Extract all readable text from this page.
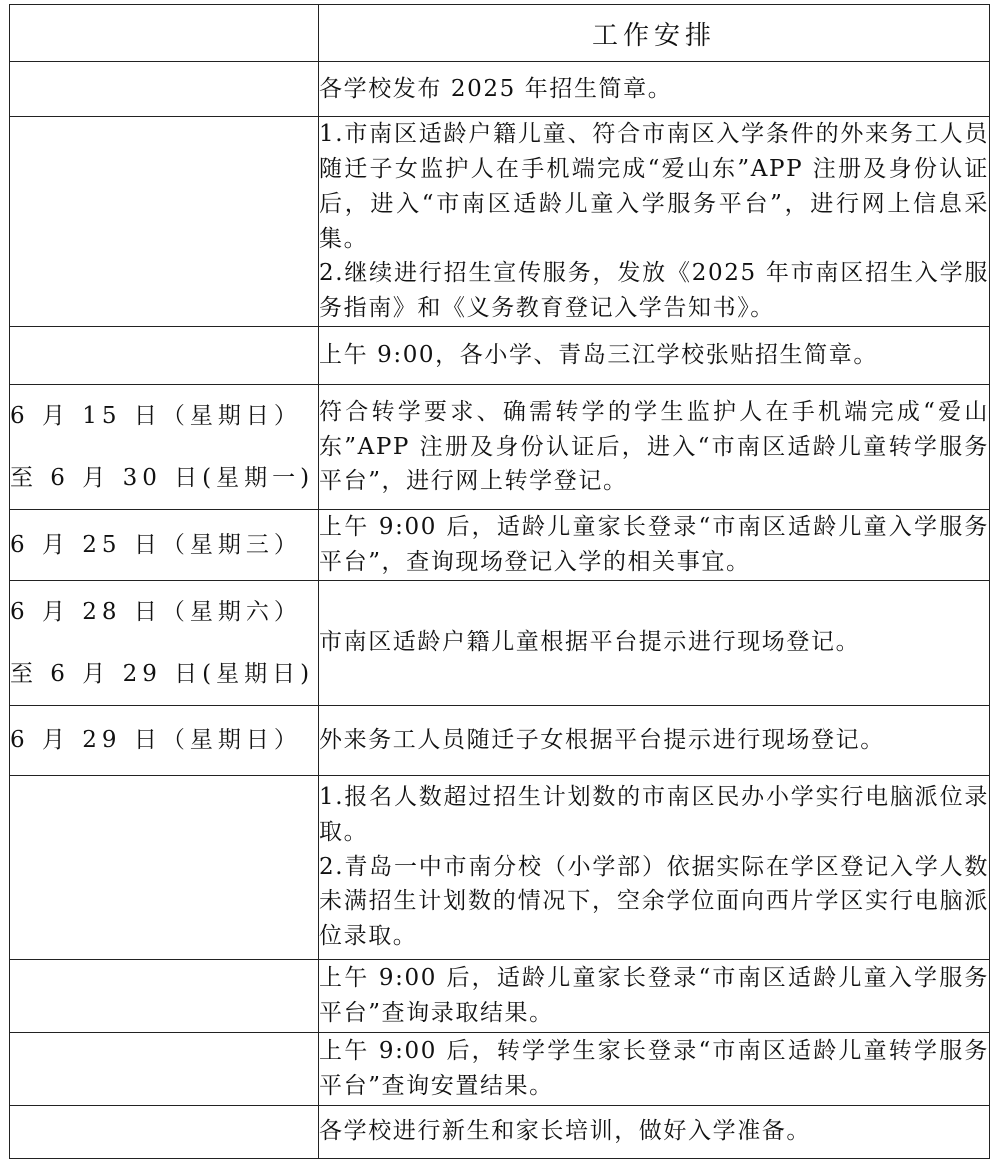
	工作安排
	各学校发布 2025 年招生简章。
	1.市南区适龄户籍儿童、符合市南区入学条件的外来务工人员随迁子女监护人在手机端完成“爱山东”APP 注册及身份认证后，进入“市南区适龄儿童入学服务平台”，进行网上信息采集。
2.继续进行招生宣传服务，发放《2025 年市南区招生入学服务指南》和《义务教育登记入学告知书》。
	上午 9:00，各小学、青岛三江学校张贴招生简章。
6 月 15 日（星期日）
至 6 月 30 日(星期一)	符合转学要求、确需转学的学生监护人在手机端完成“爱山东”APP 注册及身份认证后，进入“市南区适龄儿童转学服务平台”，进行网上转学登记。
6 月 25 日（星期三）	上午 9:00 后，适龄儿童家长登录“市南区适龄儿童入学服务平台”，查询现场登记入学的相关事宜。
6 月 28 日（星期六）
至 6 月 29 日(星期日)	市南区适龄户籍儿童根据平台提示进行现场登记。
6 月 29 日（星期日）	外来务工人员随迁子女根据平台提示进行现场登记。
	1.报名人数超过招生计划数的市南区民办小学实行电脑派位录取。
2.青岛一中市南分校（小学部）依据实际在学区登记入学人数未满招生计划数的情况下，空余学位面向西片学区实行电脑派位录取。
	上午 9:00 后，适龄儿童家长登录“市南区适龄儿童入学服务平台”查询录取结果。
	上午 9:00 后，转学学生家长登录“市南区适龄儿童转学服务平台”查询安置结果。
	各学校进行新生和家长培训，做好入学准备。
